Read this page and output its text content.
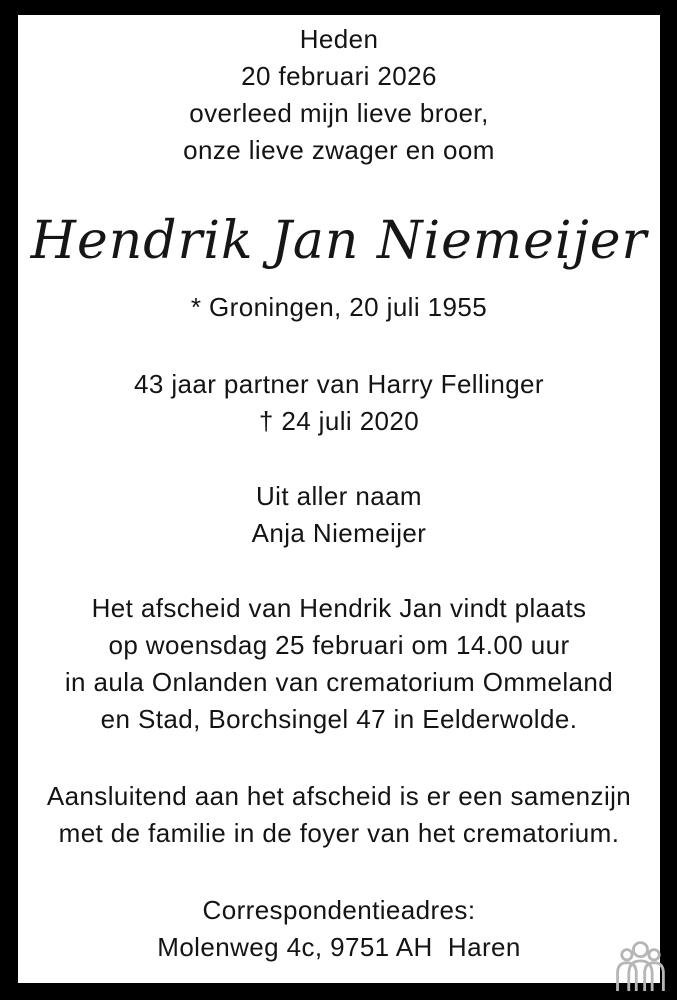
Heden
20 februari 2026
overleed mijn lieve broer,
onze lieve zwager en oom
Hendrik Jan Niemeijer
* Groningen, 20 juli 1955
43 jaar partner van Harry Fellinger
† 24 juli 2020
Uit aller naam
Anja Niemeijer
Het afscheid van Hendrik Jan vindt plaats
op woensdag 25 februari om 14.00 uur
in aula Onlanden van crematorium Ommeland
en Stad, Borchsingel 47 in Eelderwolde.
Aansluitend aan het afscheid is er een samenzijn
met de familie in de foyer van het crematorium.
Correspondentieadres:
Molenweg 4c, 9751 AH  Haren
